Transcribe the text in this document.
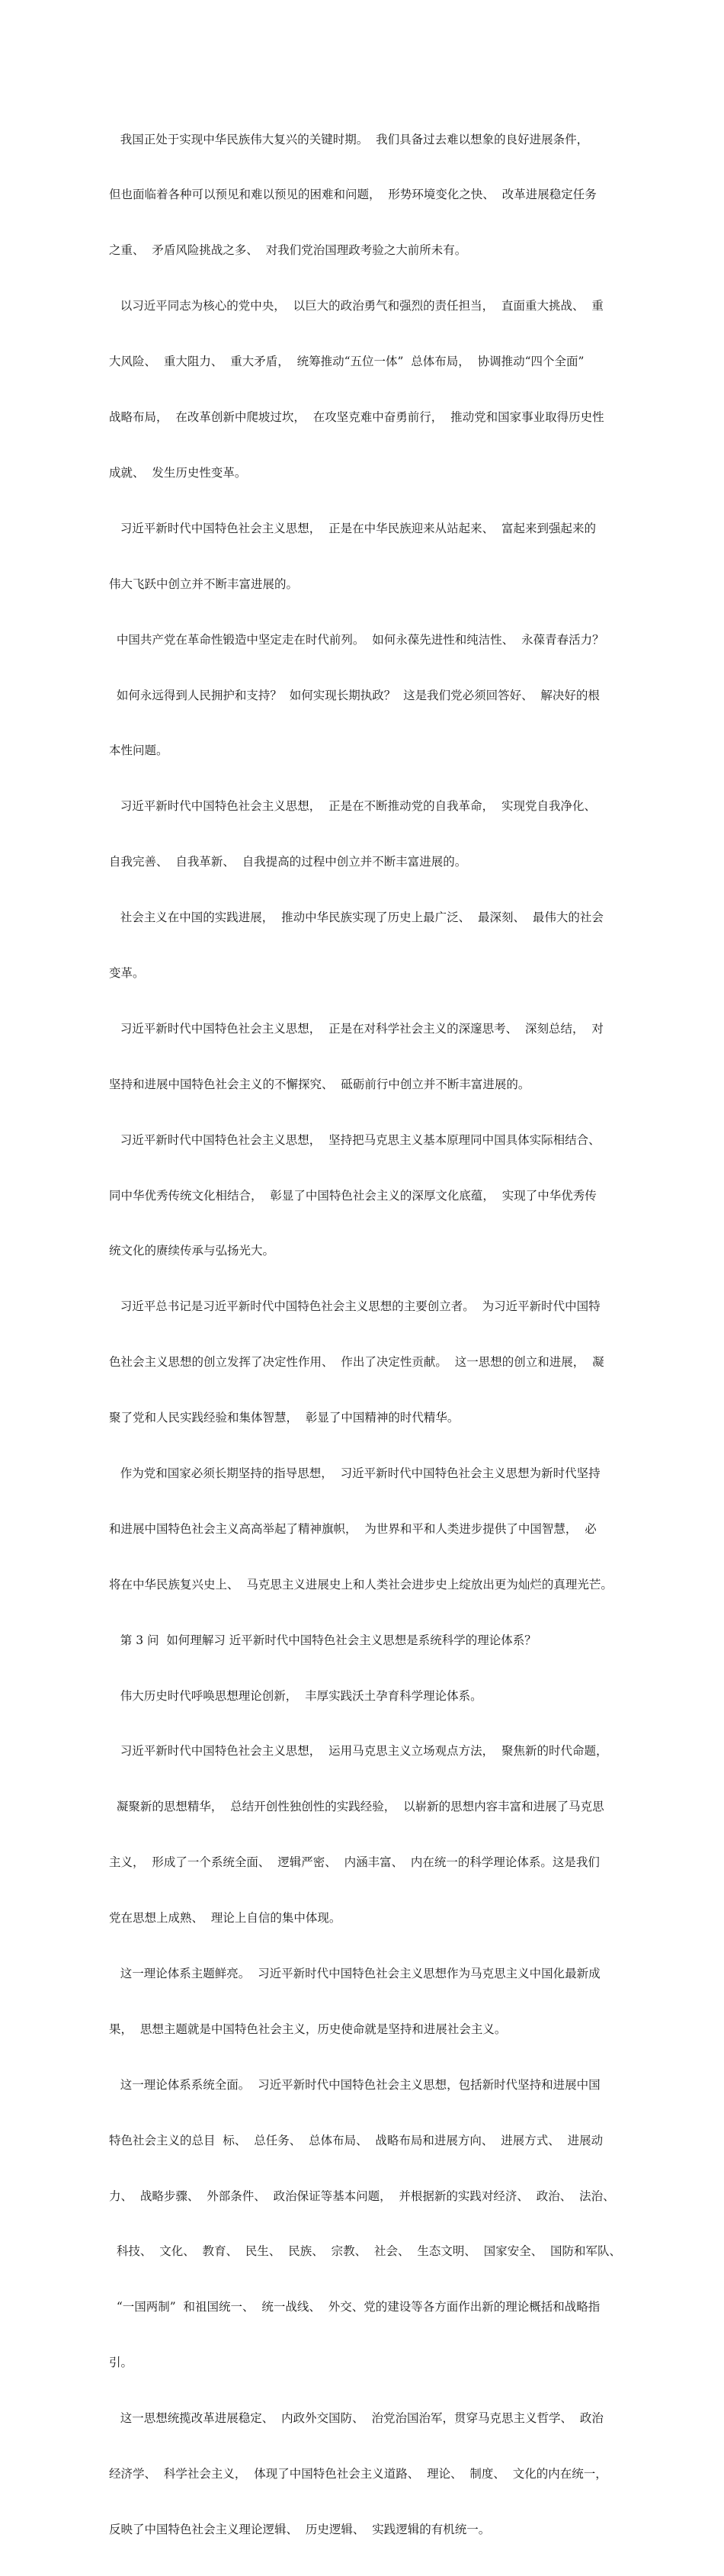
我国正处于实现中华民族伟大复兴的关键时期。  我们具备过去难以想象的良好进展条件，

但也面临着各种可以预见和难以预见的困难和问题，  形势环境变化之快、  改革进展稳定任务

之重、  矛盾风险挑战之多、  对我们党治国理政考验之大前所未有。

以习近平同志为核心的党中央，  以巨大的政治勇气和强烈的责任担当，  直面重大挑战、  重

大风险、  重大阻力、  重大矛盾，  统筹推动“五位一体”  总体布局，  协调推动“四个全面”

战略布局，  在改革创新中爬坡过坎，  在攻坚克难中奋勇前行，  推动党和国家事业取得历史性

成就、  发生历史性变革。

习近平新时代中国特色社会主义思想，  正是在中华民族迎来从站起来、  富起来到强起来的

伟大飞跃中创立并不断丰富进展的。

中国共产党在革命性锻造中坚定走在时代前列。  如何永葆先进性和纯洁性、  永葆青春活力？

如何永远得到人民拥护和支持？  如何实现长期执政？  这是我们党必须回答好、  解决好的根

本性问题。

习近平新时代中国特色社会主义思想，  正是在不断推动党的自我革命，  实现党自我净化、

自我完善、  自我革新、  自我提高的过程中创立并不断丰富进展的。

社会主义在中国的实践进展，  推动中华民族实现了历史上最广泛、  最深刻、  最伟大的社会

变革。

习近平新时代中国特色社会主义思想，  正是在对科学社会主义的深邃思考、  深刻总结，  对

坚持和进展中国特色社会主义的不懈探究、  砥砺前行中创立并不断丰富进展的。

习近平新时代中国特色社会主义思想，  坚持把马克思主义基本原理同中国具体实际相结合、

同中华优秀传统文化相结合，  彰显了中国特色社会主义的深厚文化底蕴，  实现了中华优秀传

统文化的赓续传承与弘扬光大。

习近平总书记是习近平新时代中国特色社会主义思想的主要创立者。  为习近平新时代中国特

色社会主义思想的创立发挥了决定性作用、  作出了决定性贡献。  这一思想的创立和进展，  凝

聚了党和人民实践经验和集体智慧，  彰显了中国精神的时代精华。

作为党和国家必须长期坚持的指导思想，  习近平新时代中国特色社会主义思想为新时代坚持

和进展中国特色社会主义高高举起了精神旗帜，  为世界和平和人类进步提供了中国智慧，  必

将在中华民族复兴史上、  马克思主义进展史上和人类社会进步史上绽放出更为灿烂的真理光芒。

第 3 问  如何理解习 近平新时代中国特色社会主义思想是系统科学的理论体系？

伟大历史时代呼唤思想理论创新，  丰厚实践沃土孕育科学理论体系。

习近平新时代中国特色社会主义思想，  运用马克思主义立场观点方法，  聚焦新的时代命题，

凝聚新的思想精华，  总结开创性独创性的实践经验，  以崭新的思想内容丰富和进展了马克思

主义，  形成了一个系统全面、  逻辑严密、  内涵丰富、  内在统一的科学理论体系。这是我们

党在思想上成熟、  理论上自信的集中体现。

这一理论体系主题鲜亮。  习近平新时代中国特色社会主义思想作为马克思主义中国化最新成

果，  思想主题就是中国特色社会主义，历史使命就是坚持和进展社会主义。

这一理论体系系统全面。  习近平新时代中国特色社会主义思想，包括新时代坚持和进展中国

特色社会主义的总目  标、  总任务、  总体布局、  战略布局和进展方向、  进展方式、  进展动

力、  战略步骤、  外部条件、  政治保证等基本问题，  并根据新的实践对经济、  政治、  法治、

科技、  文化、  教育、  民生、  民族、  宗教、  社会、  生态文明、  国家安全、  国防和军队、

“一国两制”  和祖国统一、  统一战线、  外交、党的建设等各方面作出新的理论概括和战略指

引。

这一思想统揽改革进展稳定、  内政外交国防、  治党治国治军，贯穿马克思主义哲学、  政治

经济学、  科学社会主义，  体现了中国特色社会主义道路、  理论、  制度、  文化的内在统一，

反映了中国特色社会主义理论逻辑、  历史逻辑、  实践逻辑的有机统一。
